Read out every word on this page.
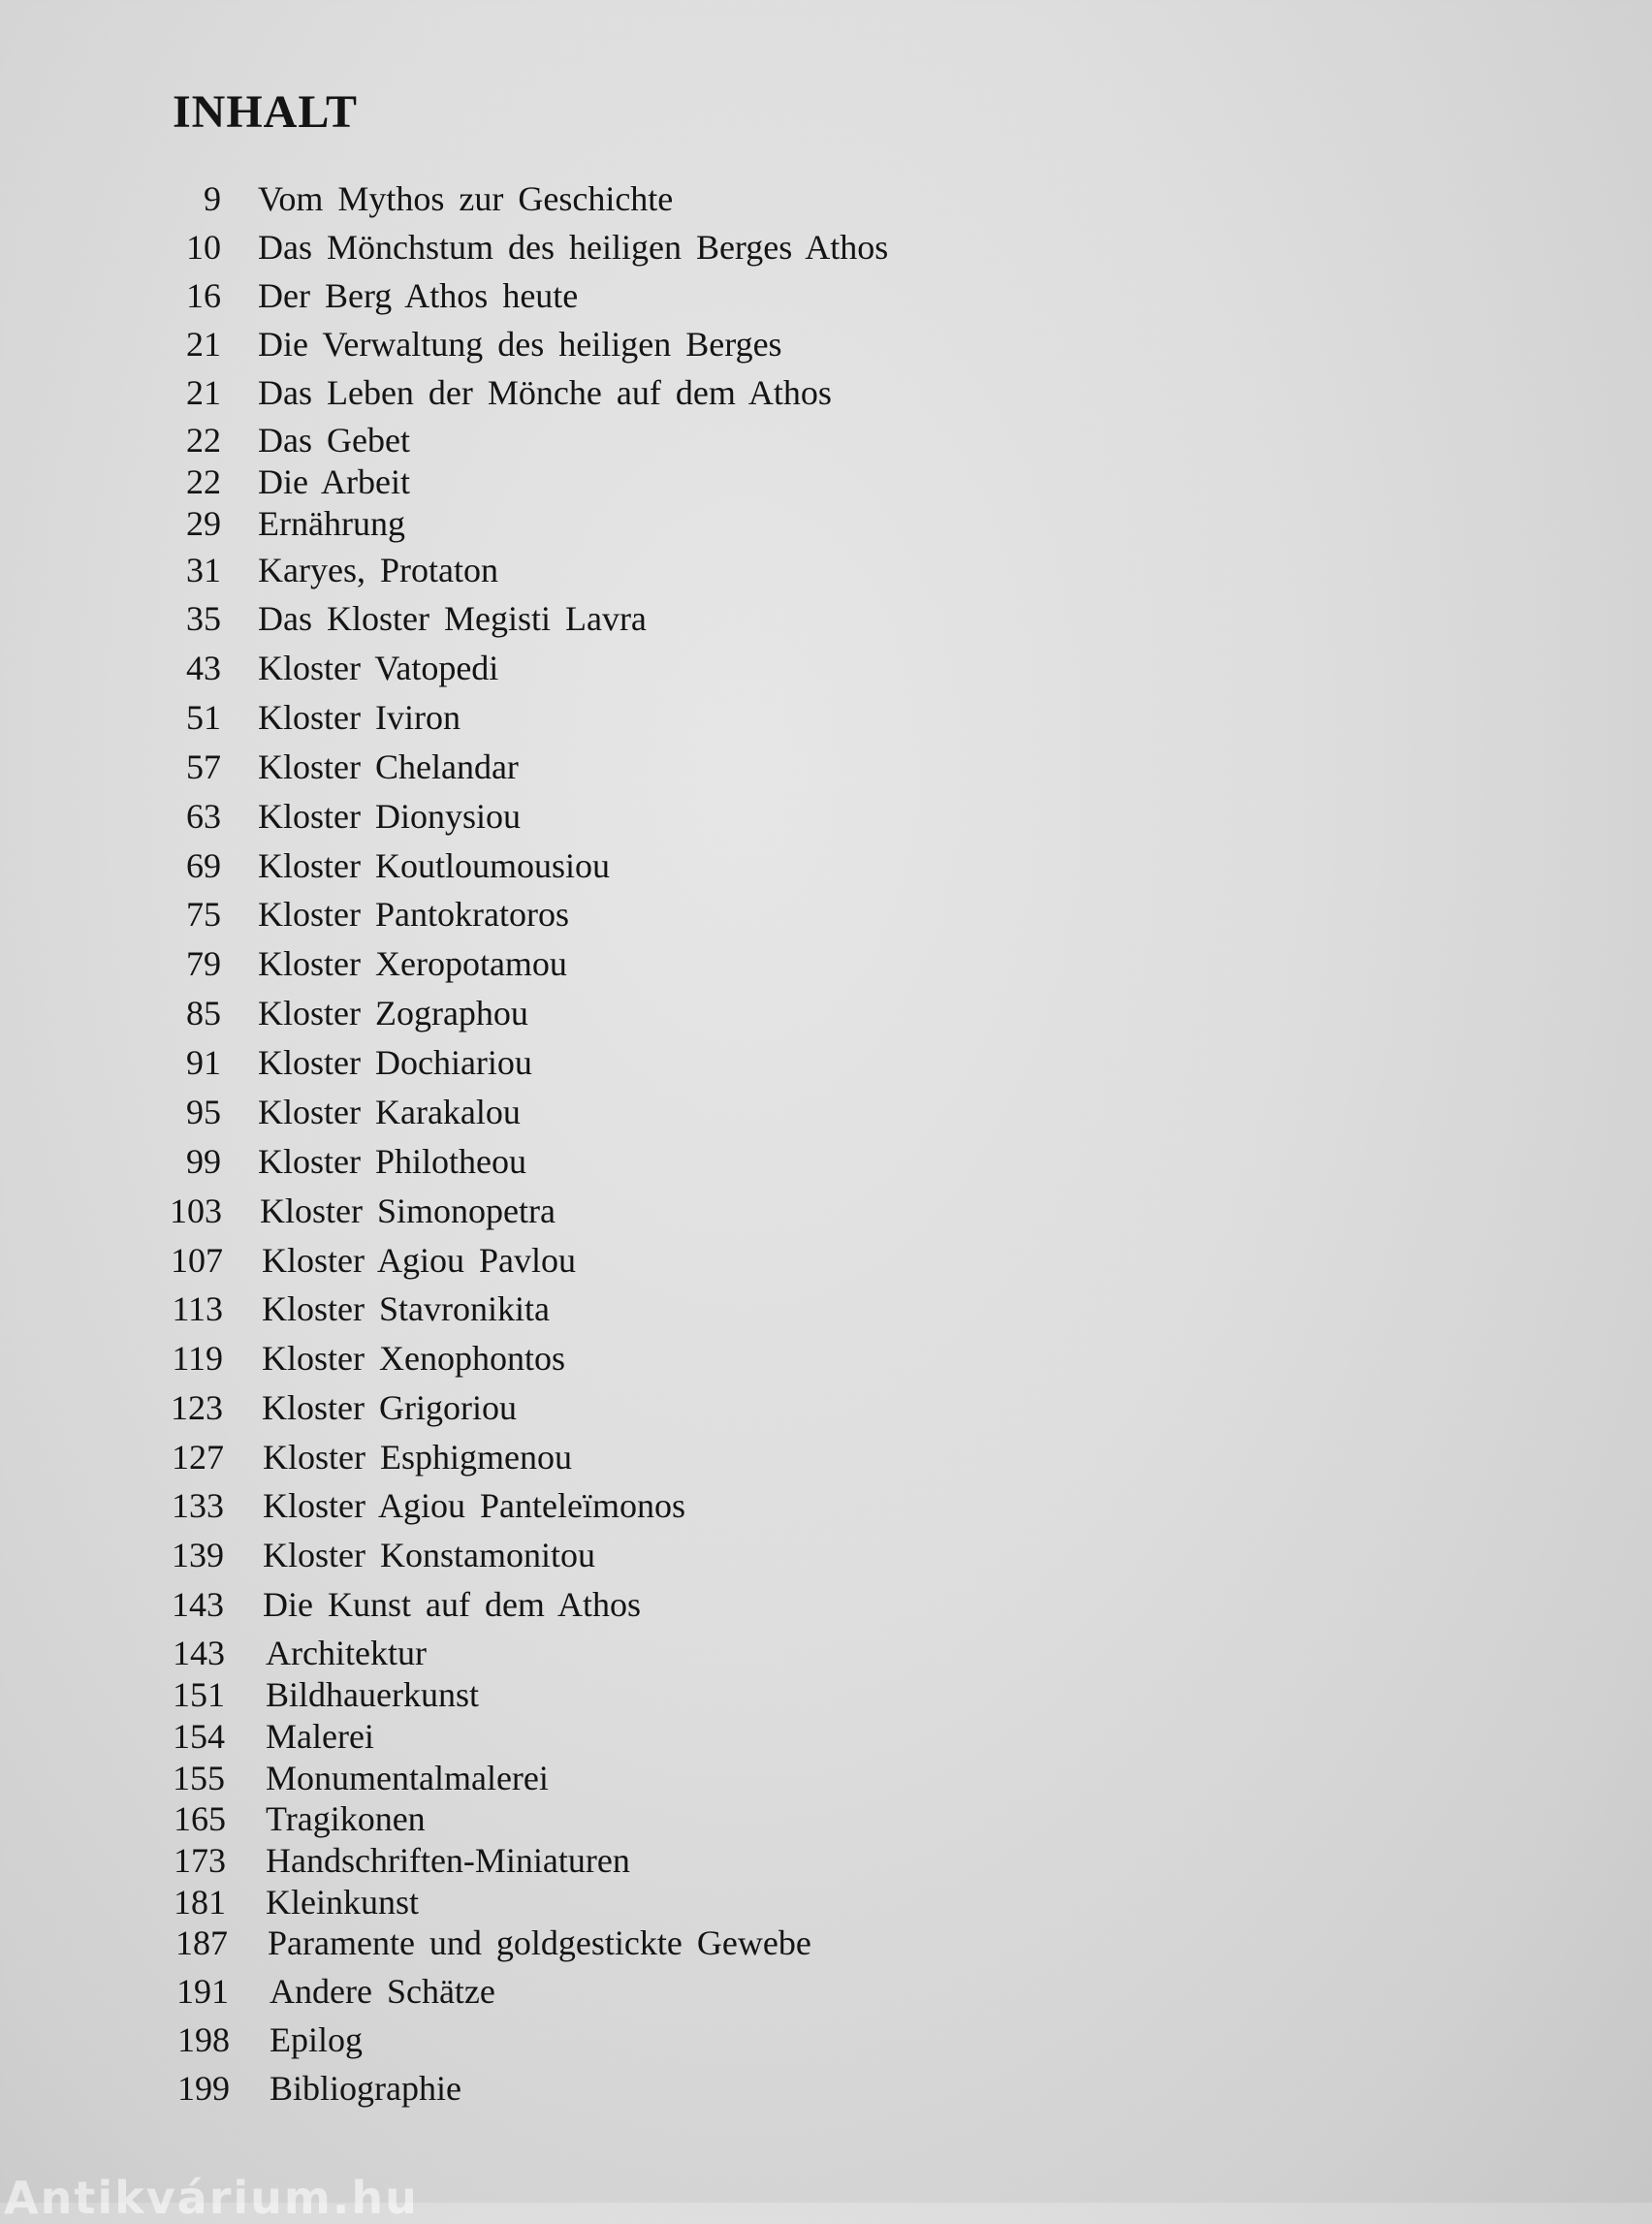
INHALT
9 Vom Mythos zur Geschichte
10 Das Mönchstum des heiligen Berges Athos
16 Der Berg Athos heute
21 Die Verwaltung des heiligen Berges
21 Das Leben der Mönche auf dem Athos
22 Das Gebet
22 Die Arbeit
29 Ernährung
31 Karyes, Protaton
35 Das Kloster Megisti Lavra
43 Kloster Vatopedi
51 Kloster Iviron
57 Kloster Chelandar
63 Kloster Dionysiou
69 Kloster Koutloumousiou
75 Kloster Pantokratoros
79 Kloster Xeropotamou
85 Kloster Zographou
91 Kloster Dochiariou
95 Kloster Karakalou
99 Kloster Philotheou
103 Kloster Simonopetra
107 Kloster Agiou Pavlou
113 Kloster Stavronikita
119 Kloster Xenophontos
123 Kloster Grigoriou
127 Kloster Esphigmenou
133 Kloster Agiou Panteleïmonos
139 Kloster Konstamonitou
143 Die Kunst auf dem Athos
143 Architektur
151 Bildhauerkunst
154 Malerei
155 Monumentalmalerei
165 Tragikonen
173 Handschriften-Miniaturen
181 Kleinkunst
187 Paramente und goldgestickte Gewebe
191 Andere Schätze
198 Epilog
199 Bibliographie
Antikvárium.hu
